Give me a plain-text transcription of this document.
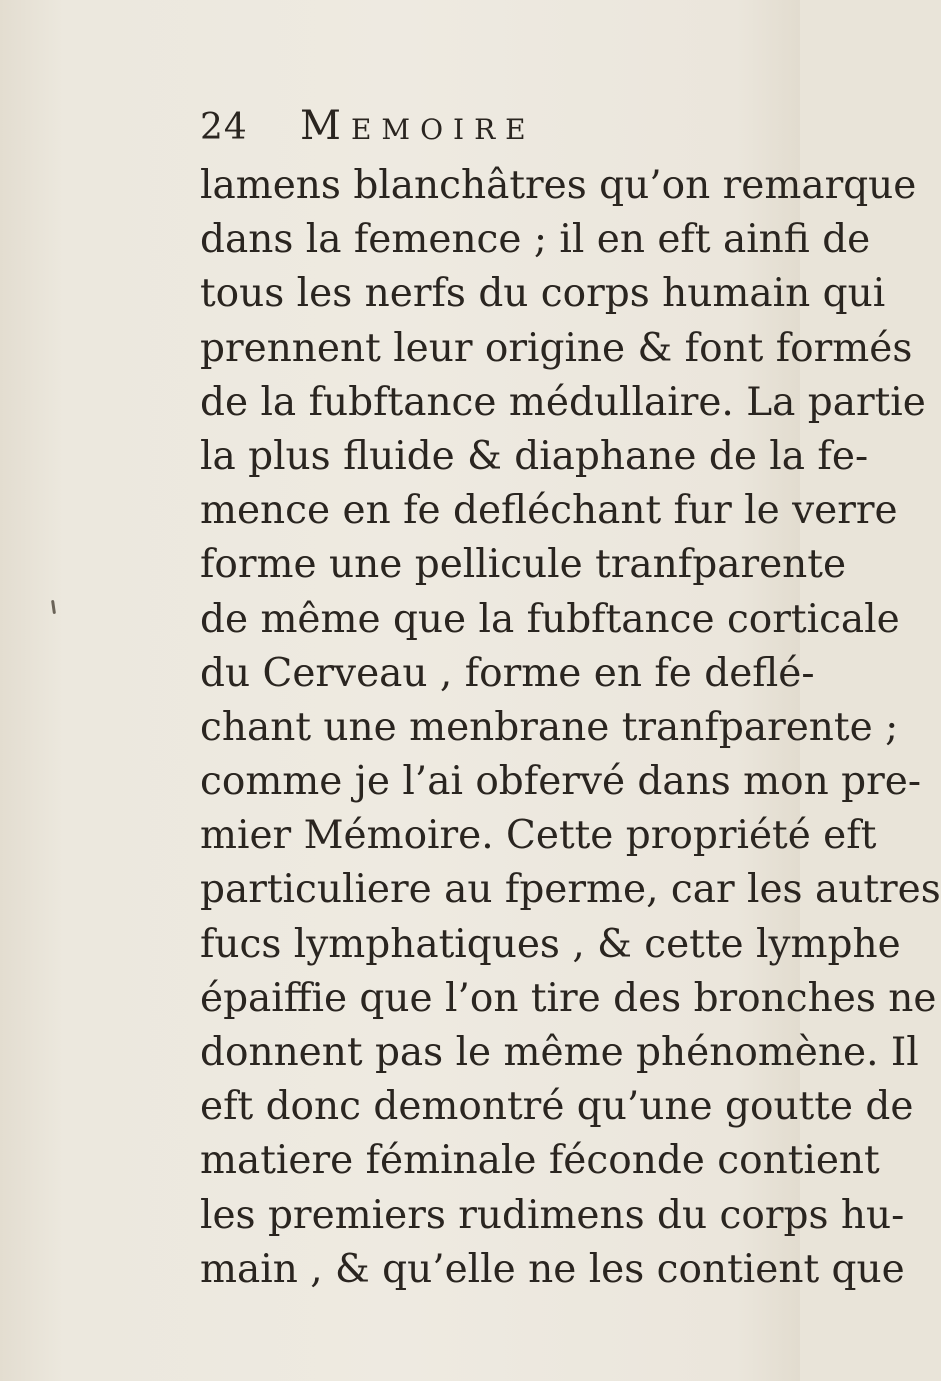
24	Memoire
lamens blanchâtres qu’on remarque
dans la femence ; il en eft ainfi de
tous les nerfs du corps humain qui
prennent leur origine & font formés
de la fubftance médullaire. La partie
la plus fluide & diaphane de la fe-
mence en fe defléchant fur le verre
forme une pellicule tranfparente
de même que la fubftance corticale
du Cerveau , forme en fe deflé-
chant une menbrane tranfparente ;
comme je l’ai obfervé dans mon pre-
mier Mémoire. Cette propriété eft
particuliere au fperme, car les autres
fucs lymphatiques , & cette lymphe
épaiffie que l’on tire des bronches ne
donnent pas le même phénomène. Il
eft donc demontré qu’une goutte de
matiere féminale féconde contient
les premiers rudimens du corps hu-
main , & qu’elle ne les contient que
